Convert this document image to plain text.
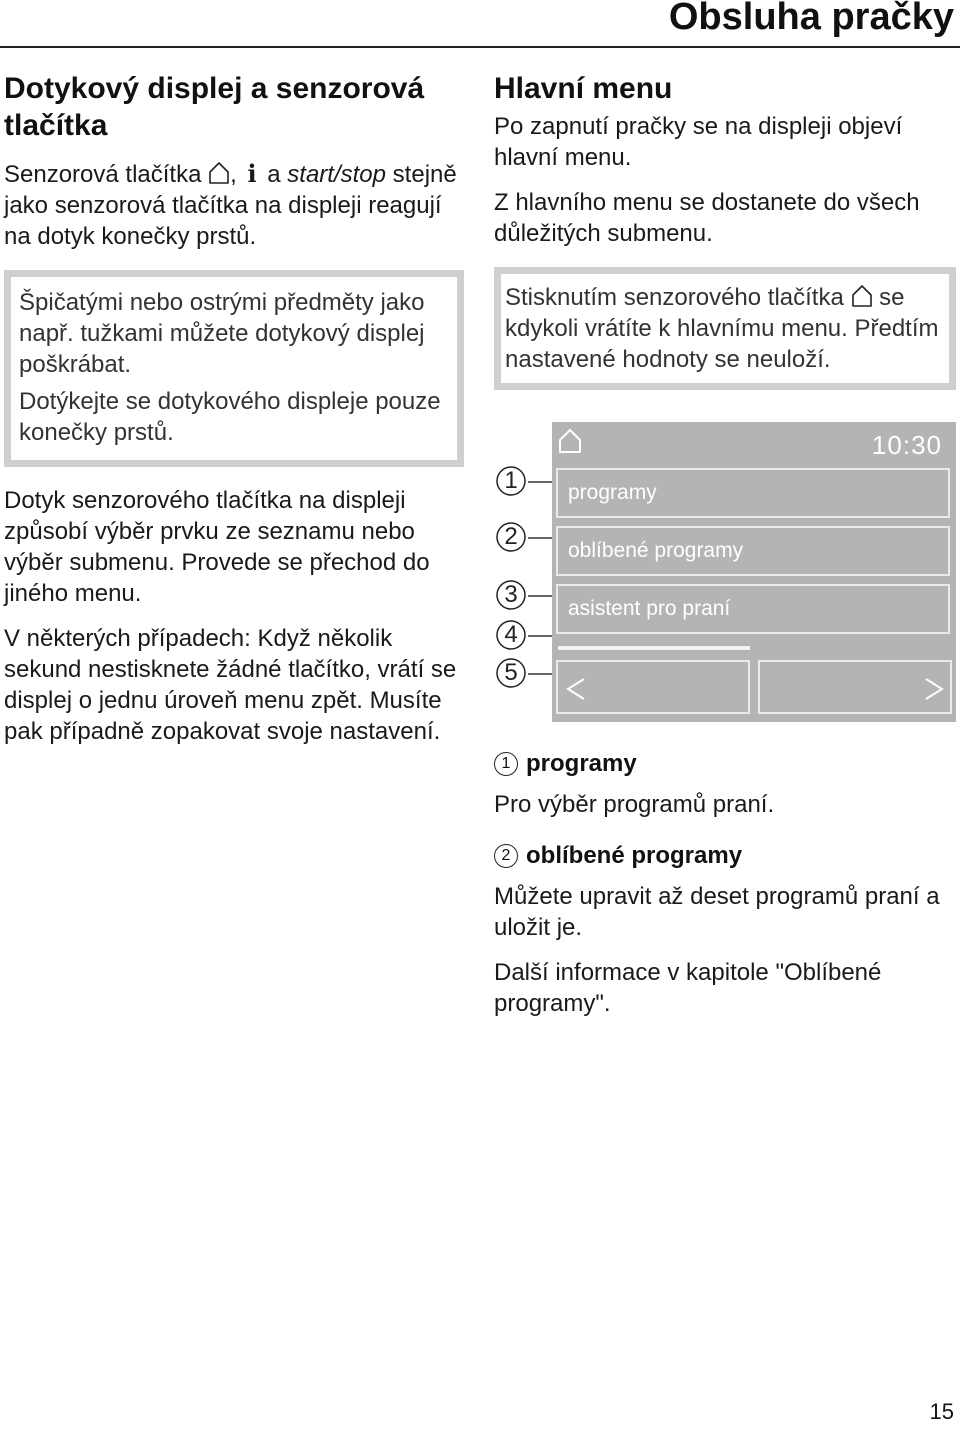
Obsluha pračky
Dotykový displej a senzorová tlačítka

Senzorová tlačítka , i a start/stop stejně jako senzorová tlačítka na displeji reagují na dotyk konečky prstů.

Špičatými nebo ostrými předměty jako např. tužkami můžete dotykový displej poškrábat.

Dotýkejte se dotykového displeje pouze konečky prstů.

Dotyk senzorového tlačítka na displeji způsobí výběr prvku ze seznamu nebo výběr submenu. Provede se přechod do jiného menu.

V některých případech: Když několik sekund nestisknete žádné tlačítko, vrátí se displej o jednu úroveň menu zpět. Musíte pak případně zopakovat svoje nastavení.

Hlavní menu

Po zapnutí pračky se na displeji objeví hlavní menu.

Z hlavního menu se dostanete do všech důležitých submenu.

Stisknutím senzorového tlačítka se kdykoli vrátíte k hlavnímu menu. Předtím nastavené hodnoty se neuloží.

10:30
programy
oblíbené programy
asistent pro praní
1
2
3
4
5
1 programy

Pro výběr programů praní.

2 oblíbené programy

Můžete upravit až deset programů praní a uložit je.

Další informace v kapitole "Oblíbené programy".

15
